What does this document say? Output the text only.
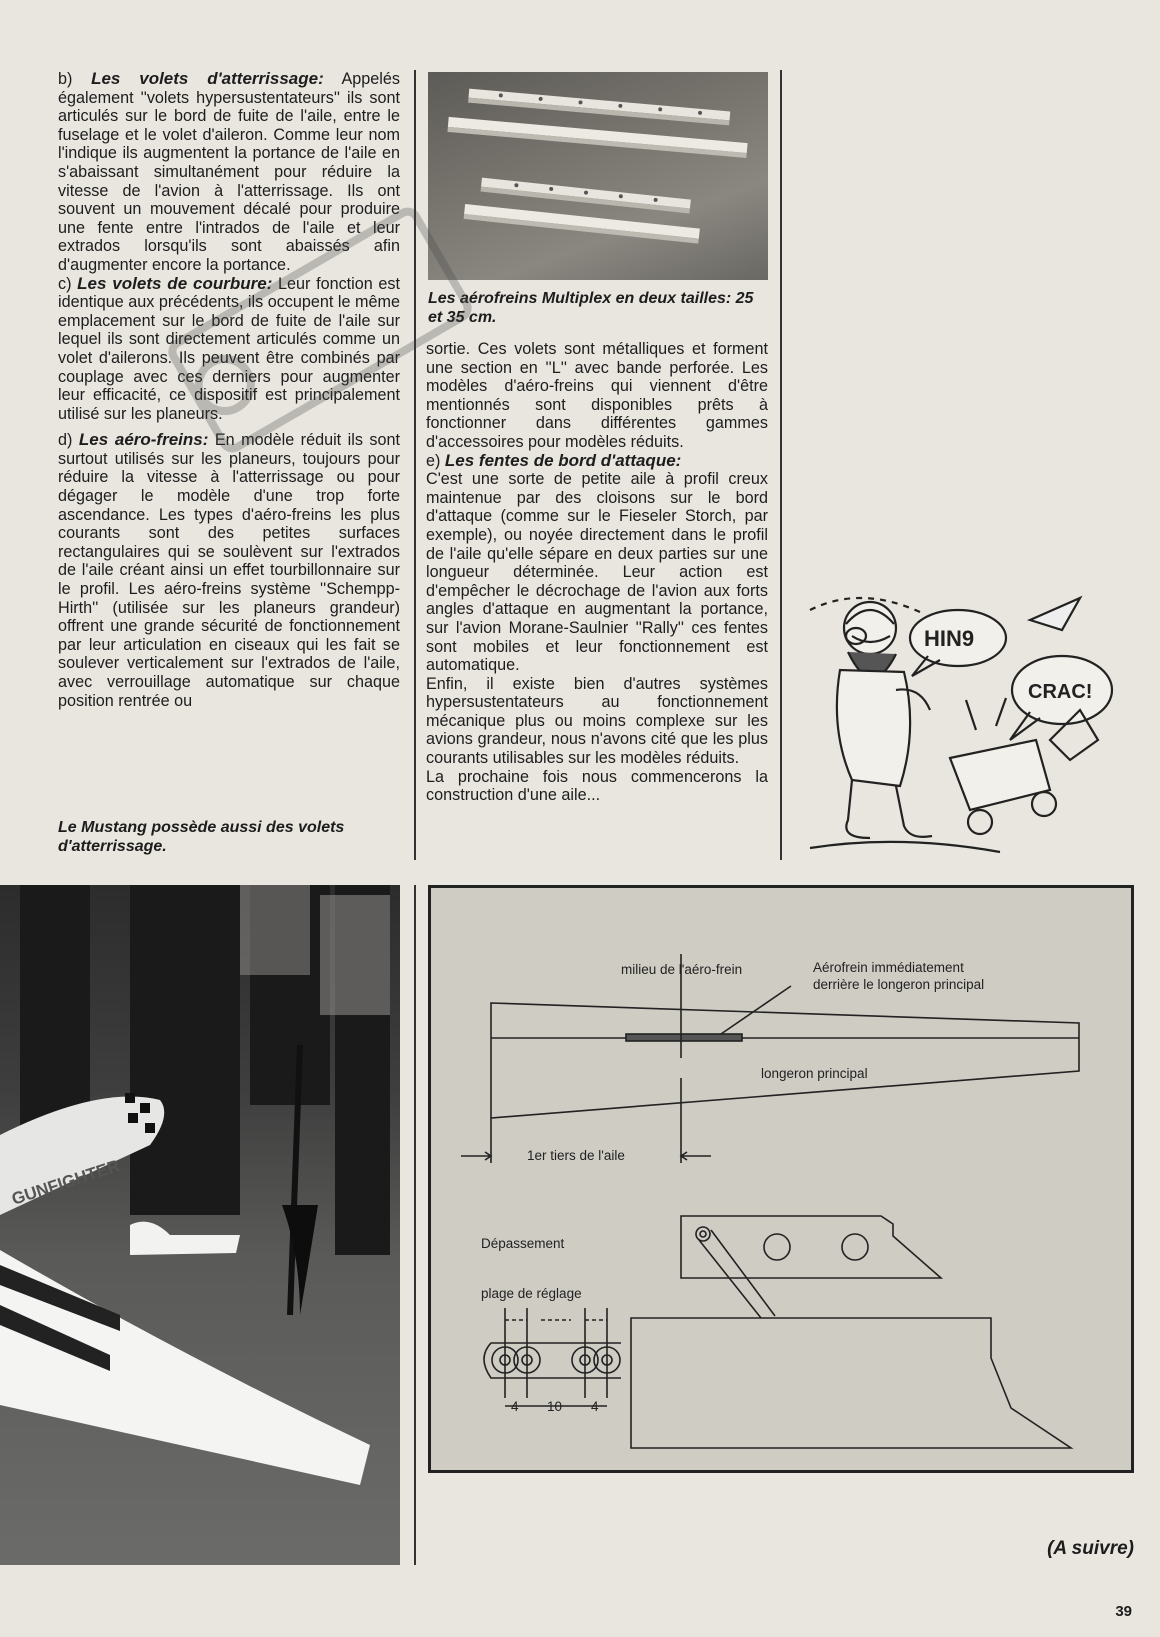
b) Les volets d'atterrissage: Appelés également ''volets hypersustentateurs'' ils sont articulés sur le bord de fuite de l'aile, entre le fuselage et le volet d'aileron. Comme leur nom l'indique ils augmentent la portance de l'aile en s'abaissant simultanément pour réduire la vitesse de l'avion à l'atterrissage. Ils ont souvent un mouvement décalé pour produire une fente entre l'intrados de l'aile et leur extrados lorsqu'ils sont abaissés afin d'augmenter encore la portance.

c) Les volets de courbure: Leur fonction est identique aux précédents, ils occupent le même emplacement sur le bord de fuite de l'aile sur lequel ils sont directement articulés comme un volet d'ailerons. Ils peuvent être combinés par couplage avec ces derniers pour augmenter leur efficacité, ce dispositif est principalement utilisé sur les planeurs.

d) Les aéro-freins: En modèle réduit ils sont surtout utilisés sur les planeurs, toujours pour réduire la vitesse à l'atterrissage ou pour dégager le modèle d'une trop forte ascendance. Les types d'aéro-freins les plus courants sont des petites surfaces rectangulaires qui se soulèvent sur l'extrados de l'aile créant ainsi un effet tourbillonnaire sur le profil. Les aéro-freins système ''Schempp-Hirth'' (utilisée sur les planeurs grandeur) offrent une grande sécurité de fonctionnement par leur articulation en ciseaux qui les fait se soulever verticalement sur l'extrados de l'aile, avec verrouillage automatique sur chaque position rentrée ou

Le Mustang possède aussi des volets d'atterrissage.
Les aérofreins Multiplex en deux tailles: 25 et 35 cm.

sortie. Ces volets sont métalliques et forment une section en ''L'' avec bande perforée. Les modèles d'aéro-freins qui viennent d'être mentionnés sont disponibles prêts à fonctionner dans différentes gammes d'accessoires pour modèles réduits.

e) Les fentes de bord d'attaque:
C'est une sorte de petite aile à profil creux maintenue par des cloisons sur le bord d'attaque (comme sur le Fieseler Storch, par exemple), ou noyée directement dans le profil de l'aile qu'elle sépare en deux parties sur une longueur déterminée. Leur action est d'empêcher le décrochage de l'avion aux forts angles d'attaque en augmentant la portance, sur l'avion Morane-Saulnier ''Rally'' ces fentes sont mobiles et leur fonctionnement est automatique.

Enfin, il existe bien d'autres systèmes hypersustentateurs au fonctionnement mécanique plus ou moins complexe sur les avions grandeur, nous n'avons cité que les plus courants utilisables sur les modèles réduits.

La prochaine fois nous commencerons la construction d'une aile...

HIN9
CRAC!
GUNFIGHTER
milieu de l'aéro-frein	Aérofrein immédiatement
derrière le longeron principal
longeron principal
1er tiers de l'aile
Dépassement
plage de réglage
4 10 4
(A suivre)
39
